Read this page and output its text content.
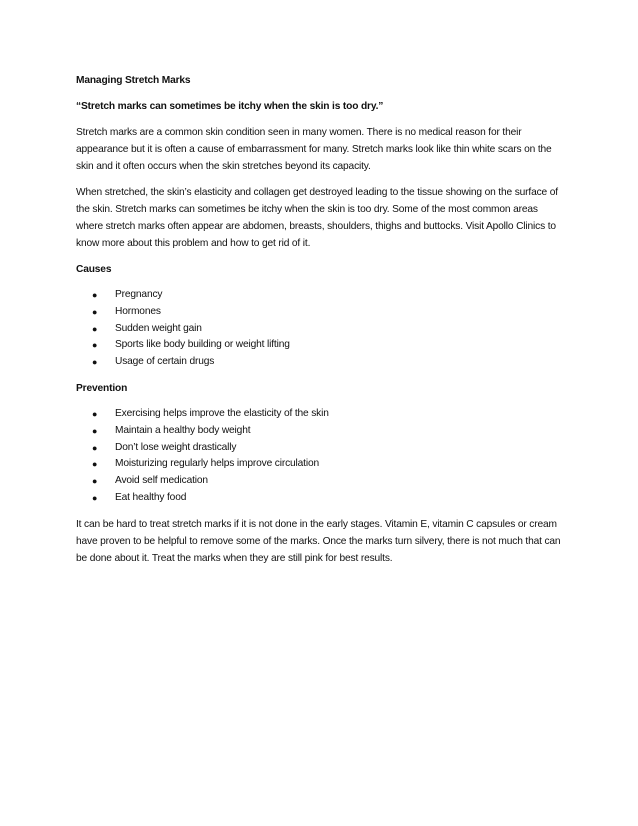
Managing Stretch Marks
“Stretch marks can sometimes be itchy when the skin is too dry.”

Stretch marks are a common skin condition seen in many women. There is no medical reason for their appearance but it is often a cause of embarrassment for many. Stretch marks look like thin white scars on the skin and it often occurs when the skin stretches beyond its capacity.

When stretched, the skin’s elasticity and collagen get destroyed leading to the tissue showing on the surface of the skin. Stretch marks can sometimes be itchy when the skin is too dry. Some of the most common areas where stretch marks often appear are abdomen, breasts, shoulders, thighs and buttocks. Visit Apollo Clinics to know more about this problem and how to get rid of it.

Causes
● Pregnancy
● Hormones
● Sudden weight gain
● Sports like body building or weight lifting
● Usage of certain drugs
Prevention
● Exercising helps improve the elasticity of the skin
● Maintain a healthy body weight
● Don’t lose weight drastically
● Moisturizing regularly helps improve circulation
● Avoid self medication
● Eat healthy food

It can be hard to treat stretch marks if it is not done in the early stages. Vitamin E, vitamin C capsules or cream have proven to be helpful to remove some of the marks. Once the marks turn silvery, there is not much that can be done about it. Treat the marks when they are still pink for best results.
